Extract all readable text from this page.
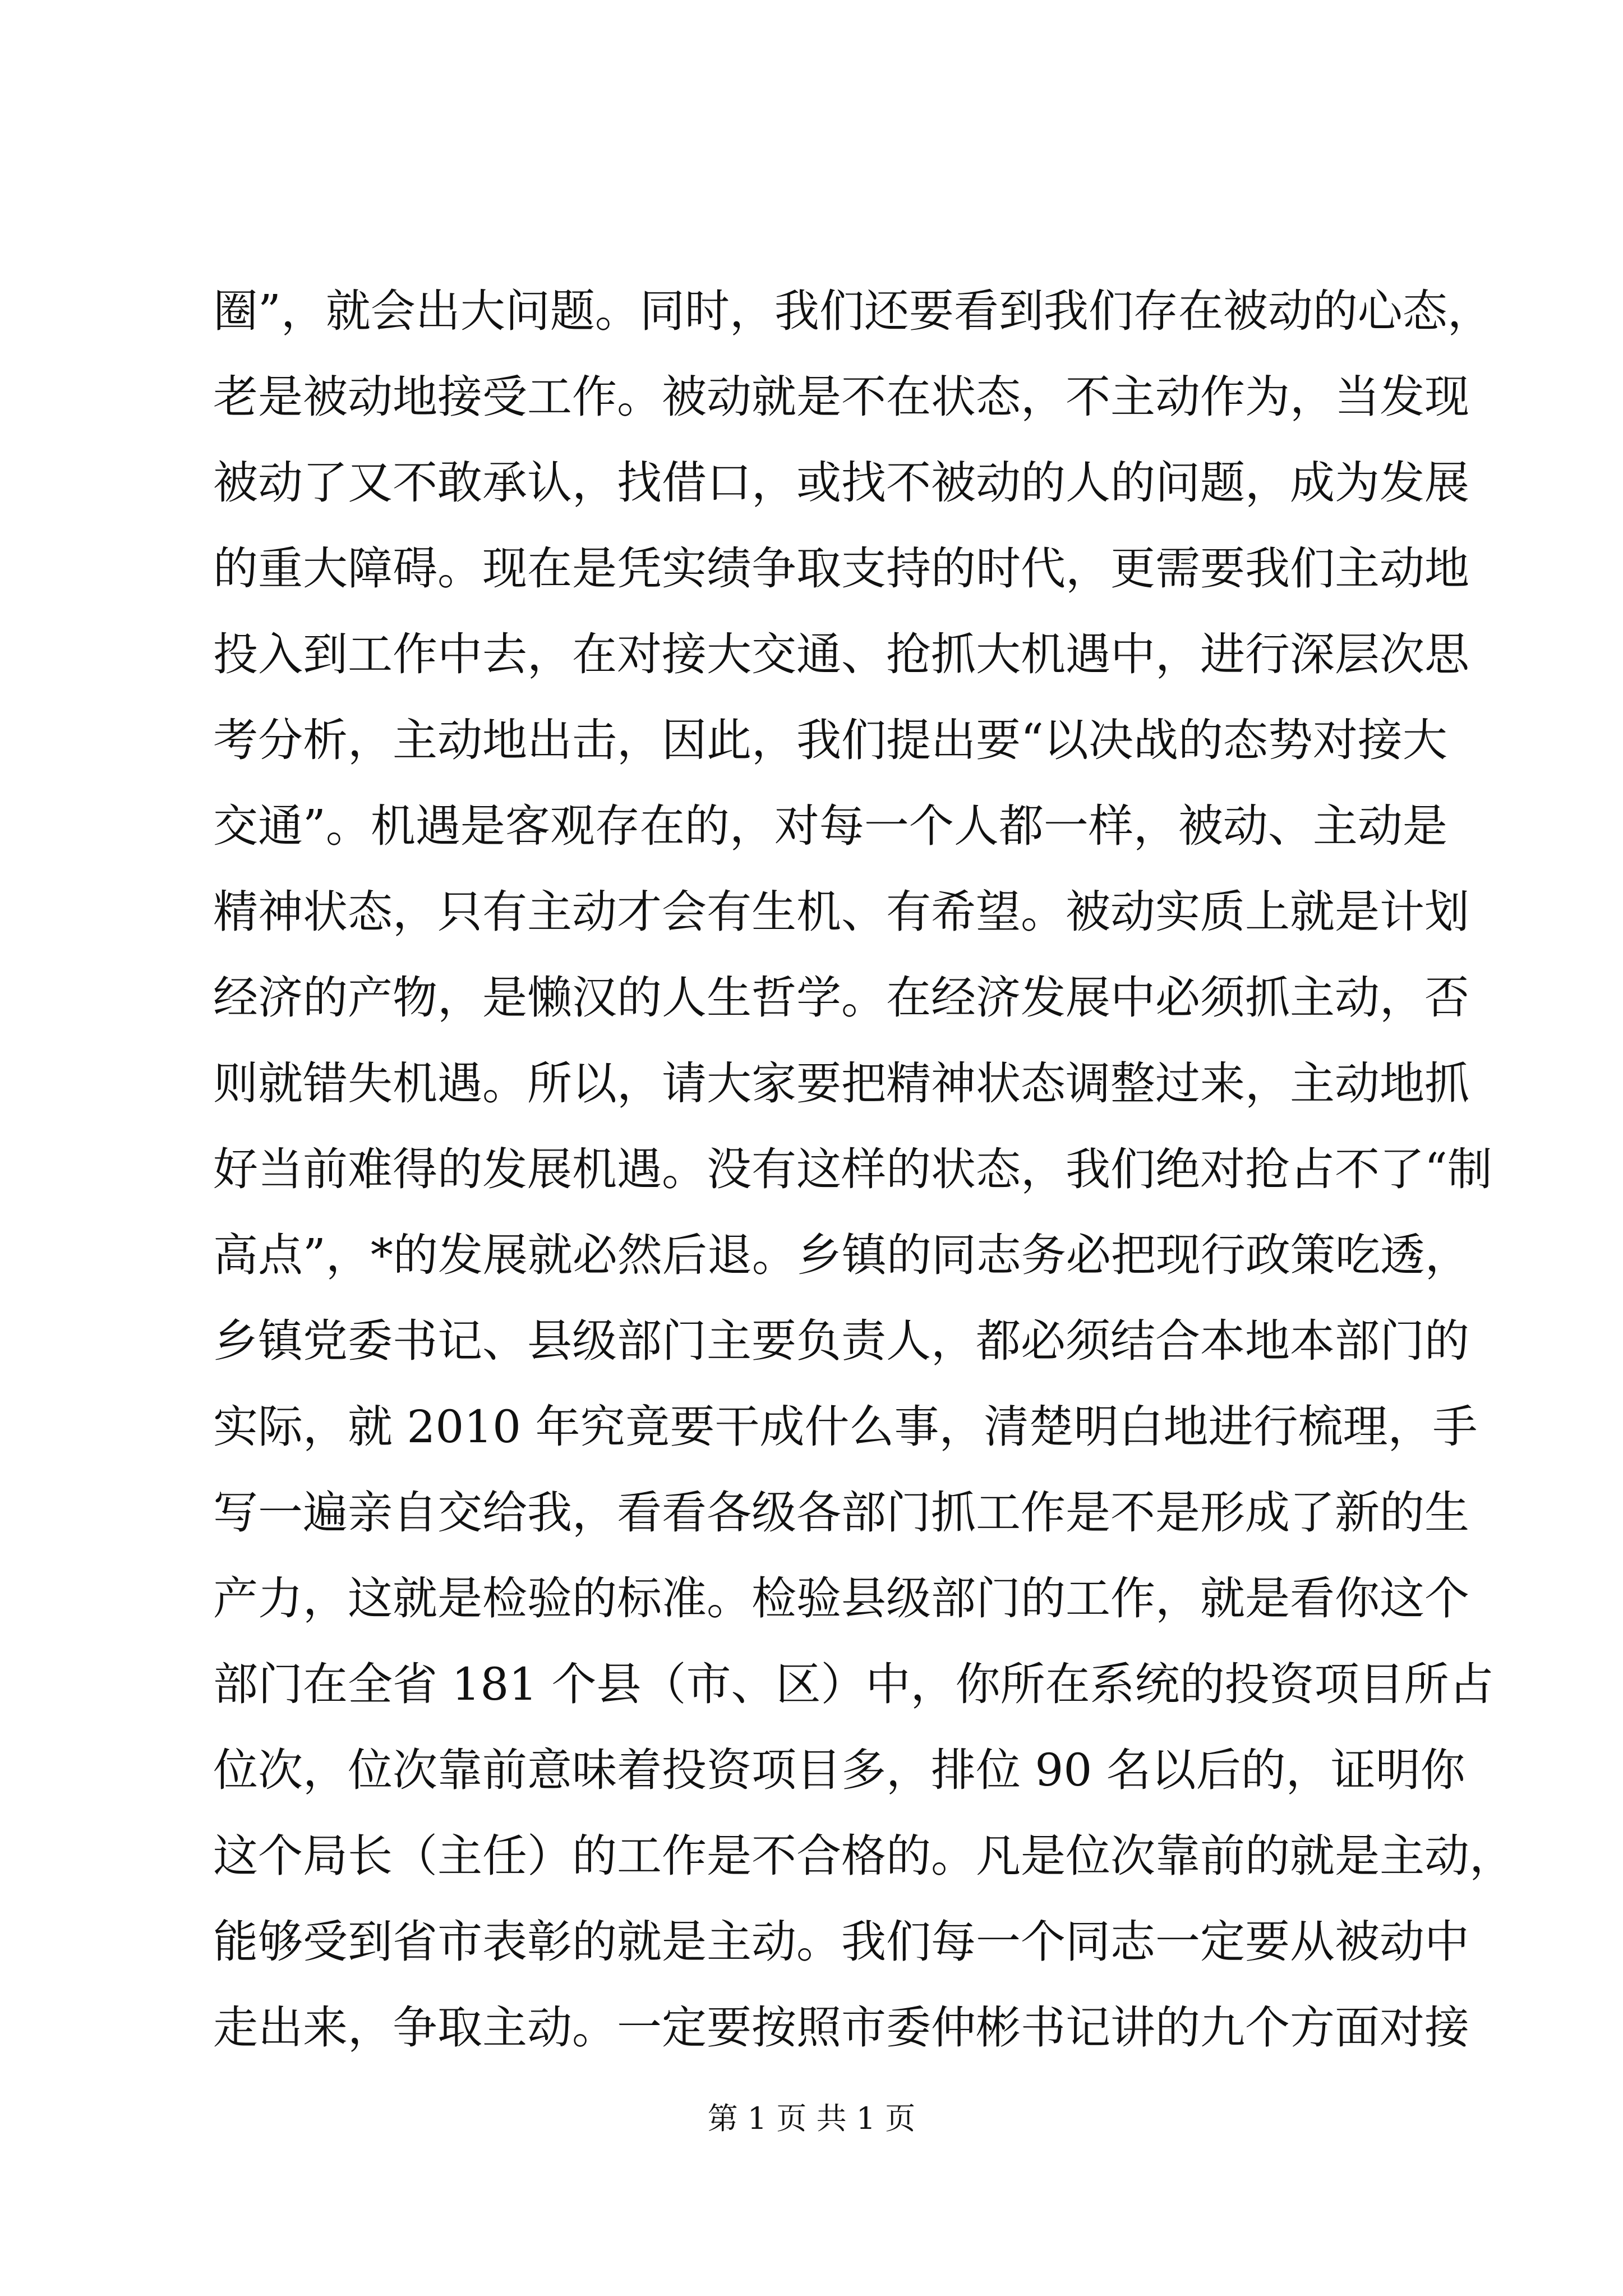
圈”，就会出大问题。同时，我们还要看到我们存在被动的心态，
老是被动地接受工作。被动就是不在状态，不主动作为，当发现
被动了又不敢承认，找借口，或找不被动的人的问题，成为发展
的重大障碍。现在是凭实绩争取支持的时代，更需要我们主动地
投入到工作中去，在对接大交通、抢抓大机遇中，进行深层次思
考分析，主动地出击，因此，我们提出要“以决战的态势对接大
交通”。机遇是客观存在的，对每一个人都一样，被动、主动是
精神状态，只有主动才会有生机、有希望。被动实质上就是计划
经济的产物，是懒汉的人生哲学。在经济发展中必须抓主动，否
则就错失机遇。所以，请大家要把精神状态调整过来，主动地抓
好当前难得的发展机遇。没有这样的状态，我们绝对抢占不了“制
高点”，*的发展就必然后退。乡镇的同志务必把现行政策吃透，
乡镇党委书记、县级部门主要负责人，都必须结合本地本部门的
实际，就 2010 年究竟要干成什么事，清楚明白地进行梳理，手
写一遍亲自交给我，看看各级各部门抓工作是不是形成了新的生
产力，这就是检验的标准。检验县级部门的工作，就是看你这个
部门在全省 181 个县（市、区）中，你所在系统的投资项目所占
位次，位次靠前意味着投资项目多，排位 90 名以后的，证明你
这个局长（主任）的工作是不合格的。凡是位次靠前的就是主动，
能够受到省市表彰的就是主动。我们每一个同志一定要从被动中
走出来，争取主动。一定要按照市委仲彬书记讲的九个方面对接
第 1 页 共 1 页
